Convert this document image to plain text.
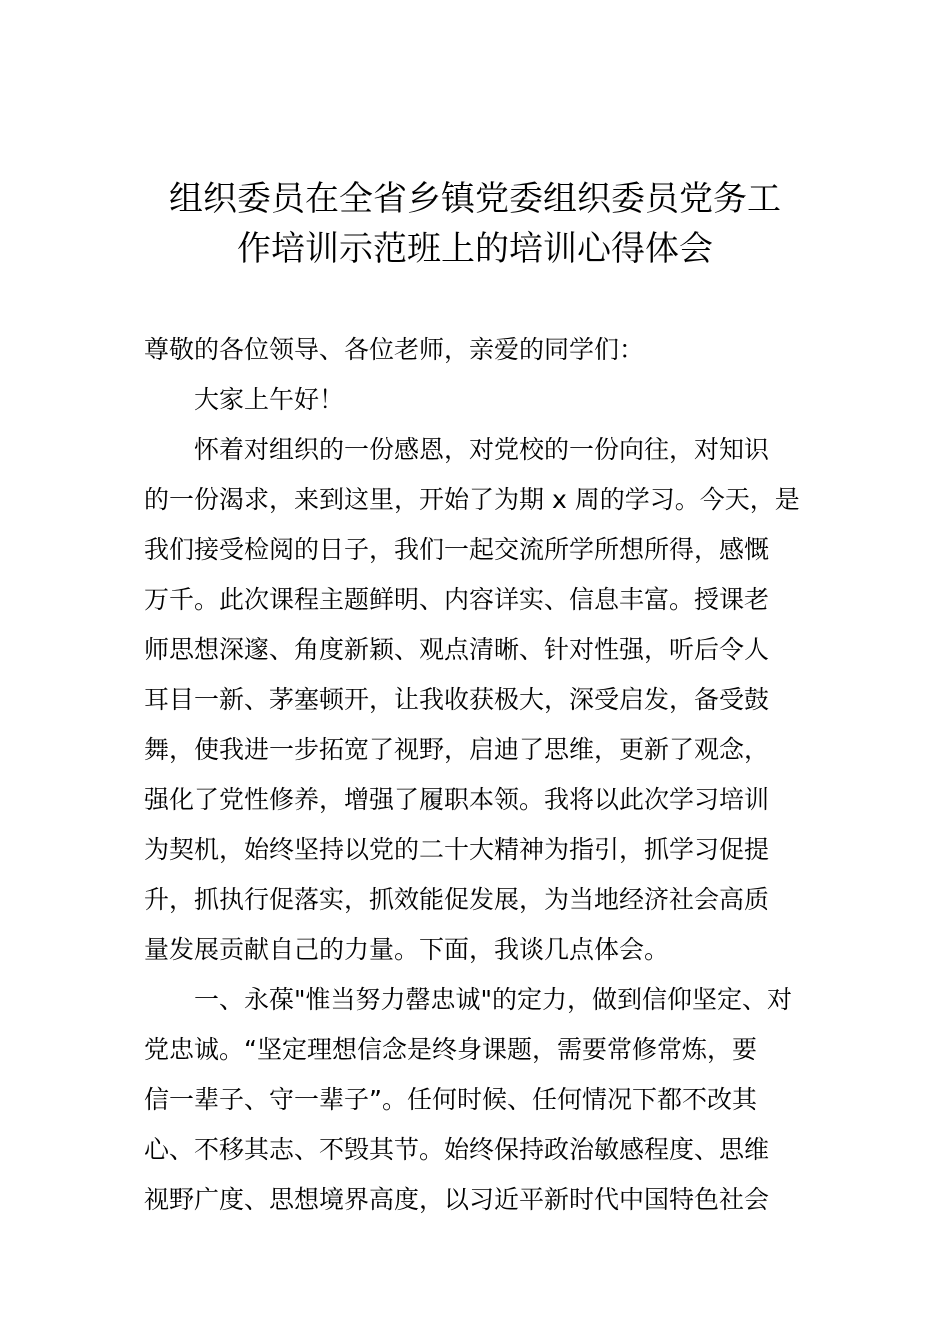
组织委员在全省乡镇党委组织委员党务工
作培训示范班上的培训心得体会
尊敬的各位领导、各位老师，亲爱的同学们：
大家上午好！

怀着对组织的一份感恩，对党校的一份向往，对知识
的一份渴求，来到这里，开始了为期 x 周的学习。今天，是
我们接受检阅的日子，我们一起交流所学所想所得，感慨
万千。此次课程主题鲜明、内容详实、信息丰富。授课老
师思想深邃、角度新颖、观点清晰、针对性强，听后令人
耳目一新、茅塞顿开，让我收获极大，深受启发，备受鼓
舞，使我进一步拓宽了视野，启迪了思维，更新了观念，
强化了党性修养，增强了履职本领。我将以此次学习培训
为契机，始终坚持以党的二十大精神为指引，抓学习促提
升，抓执行促落实，抓效能促发展，为当地经济社会高质
量发展贡献自己的力量。下面，我谈几点体会。

一、永葆"惟当努力罄忠诚"的定力，做到信仰坚定、对
党忠诚。“坚定理想信念是终身课题，需要常修常炼，要
信一辈子、守一辈子”。任何时候、任何情况下都不改其
心、不移其志、不毁其节。始终保持政治敏感程度、思维
视野广度、思想境界高度，以习近平新时代中国特色社会
